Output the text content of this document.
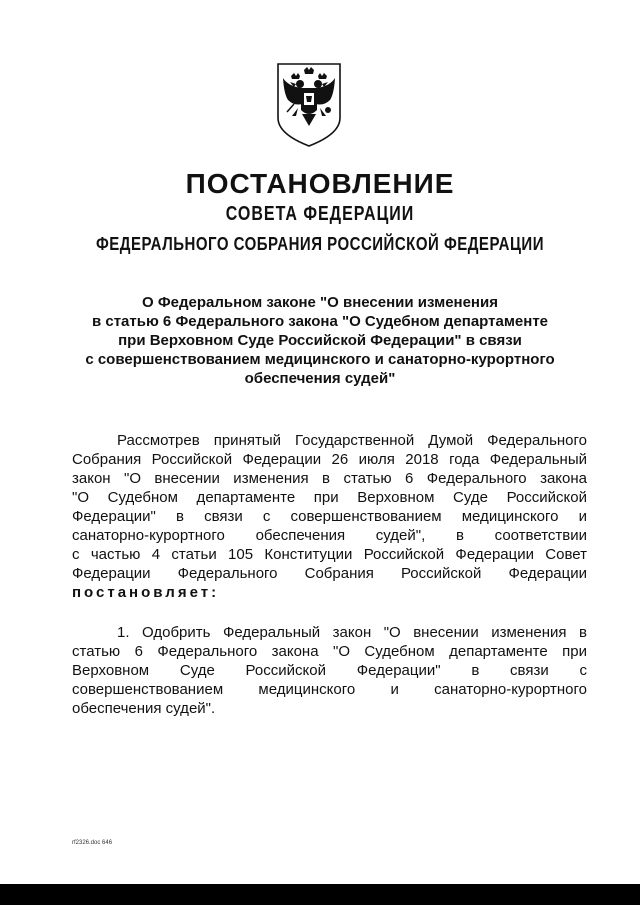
ПОСТАНОВЛЕНИЕ
СОВЕТА ФЕДЕРАЦИИ
ФЕДЕРАЛЬНОГО СОБРАНИЯ РОССИЙСКОЙ ФЕДЕРАЦИИ
О Федеральном законе "О внесении изменения
в статью 6 Федерального закона "О Судебном департаменте
при Верховном Суде Российской Федерации" в связи
с совершенствованием медицинского и санаторно-курортного
обеспечения судей"
Рассмотрев принятый Государственной Думой Федерального
Собрания Российской Федерации 26 июля 2018 года Федеральный
закон "О внесении изменения в статью 6 Федерального закона
"О Судебном департаменте при Верховном Суде Российской
Федерации" в связи с совершенствованием медицинского и
санаторно-курортного обеспечения судей", в соответствии
с частью 4 статьи 105 Конституции Российской Федерации Совет
Федерации Федерального Собрания Российской Федерации
постановляет:
1. Одобрить Федеральный закон "О внесении изменения в
статью 6 Федерального закона "О Судебном департаменте при
Верховном Суде Российской Федерации" в связи с
совершенствованием медицинского и санаторно-курортного
обеспечения судей".
rf2326.doc 646
